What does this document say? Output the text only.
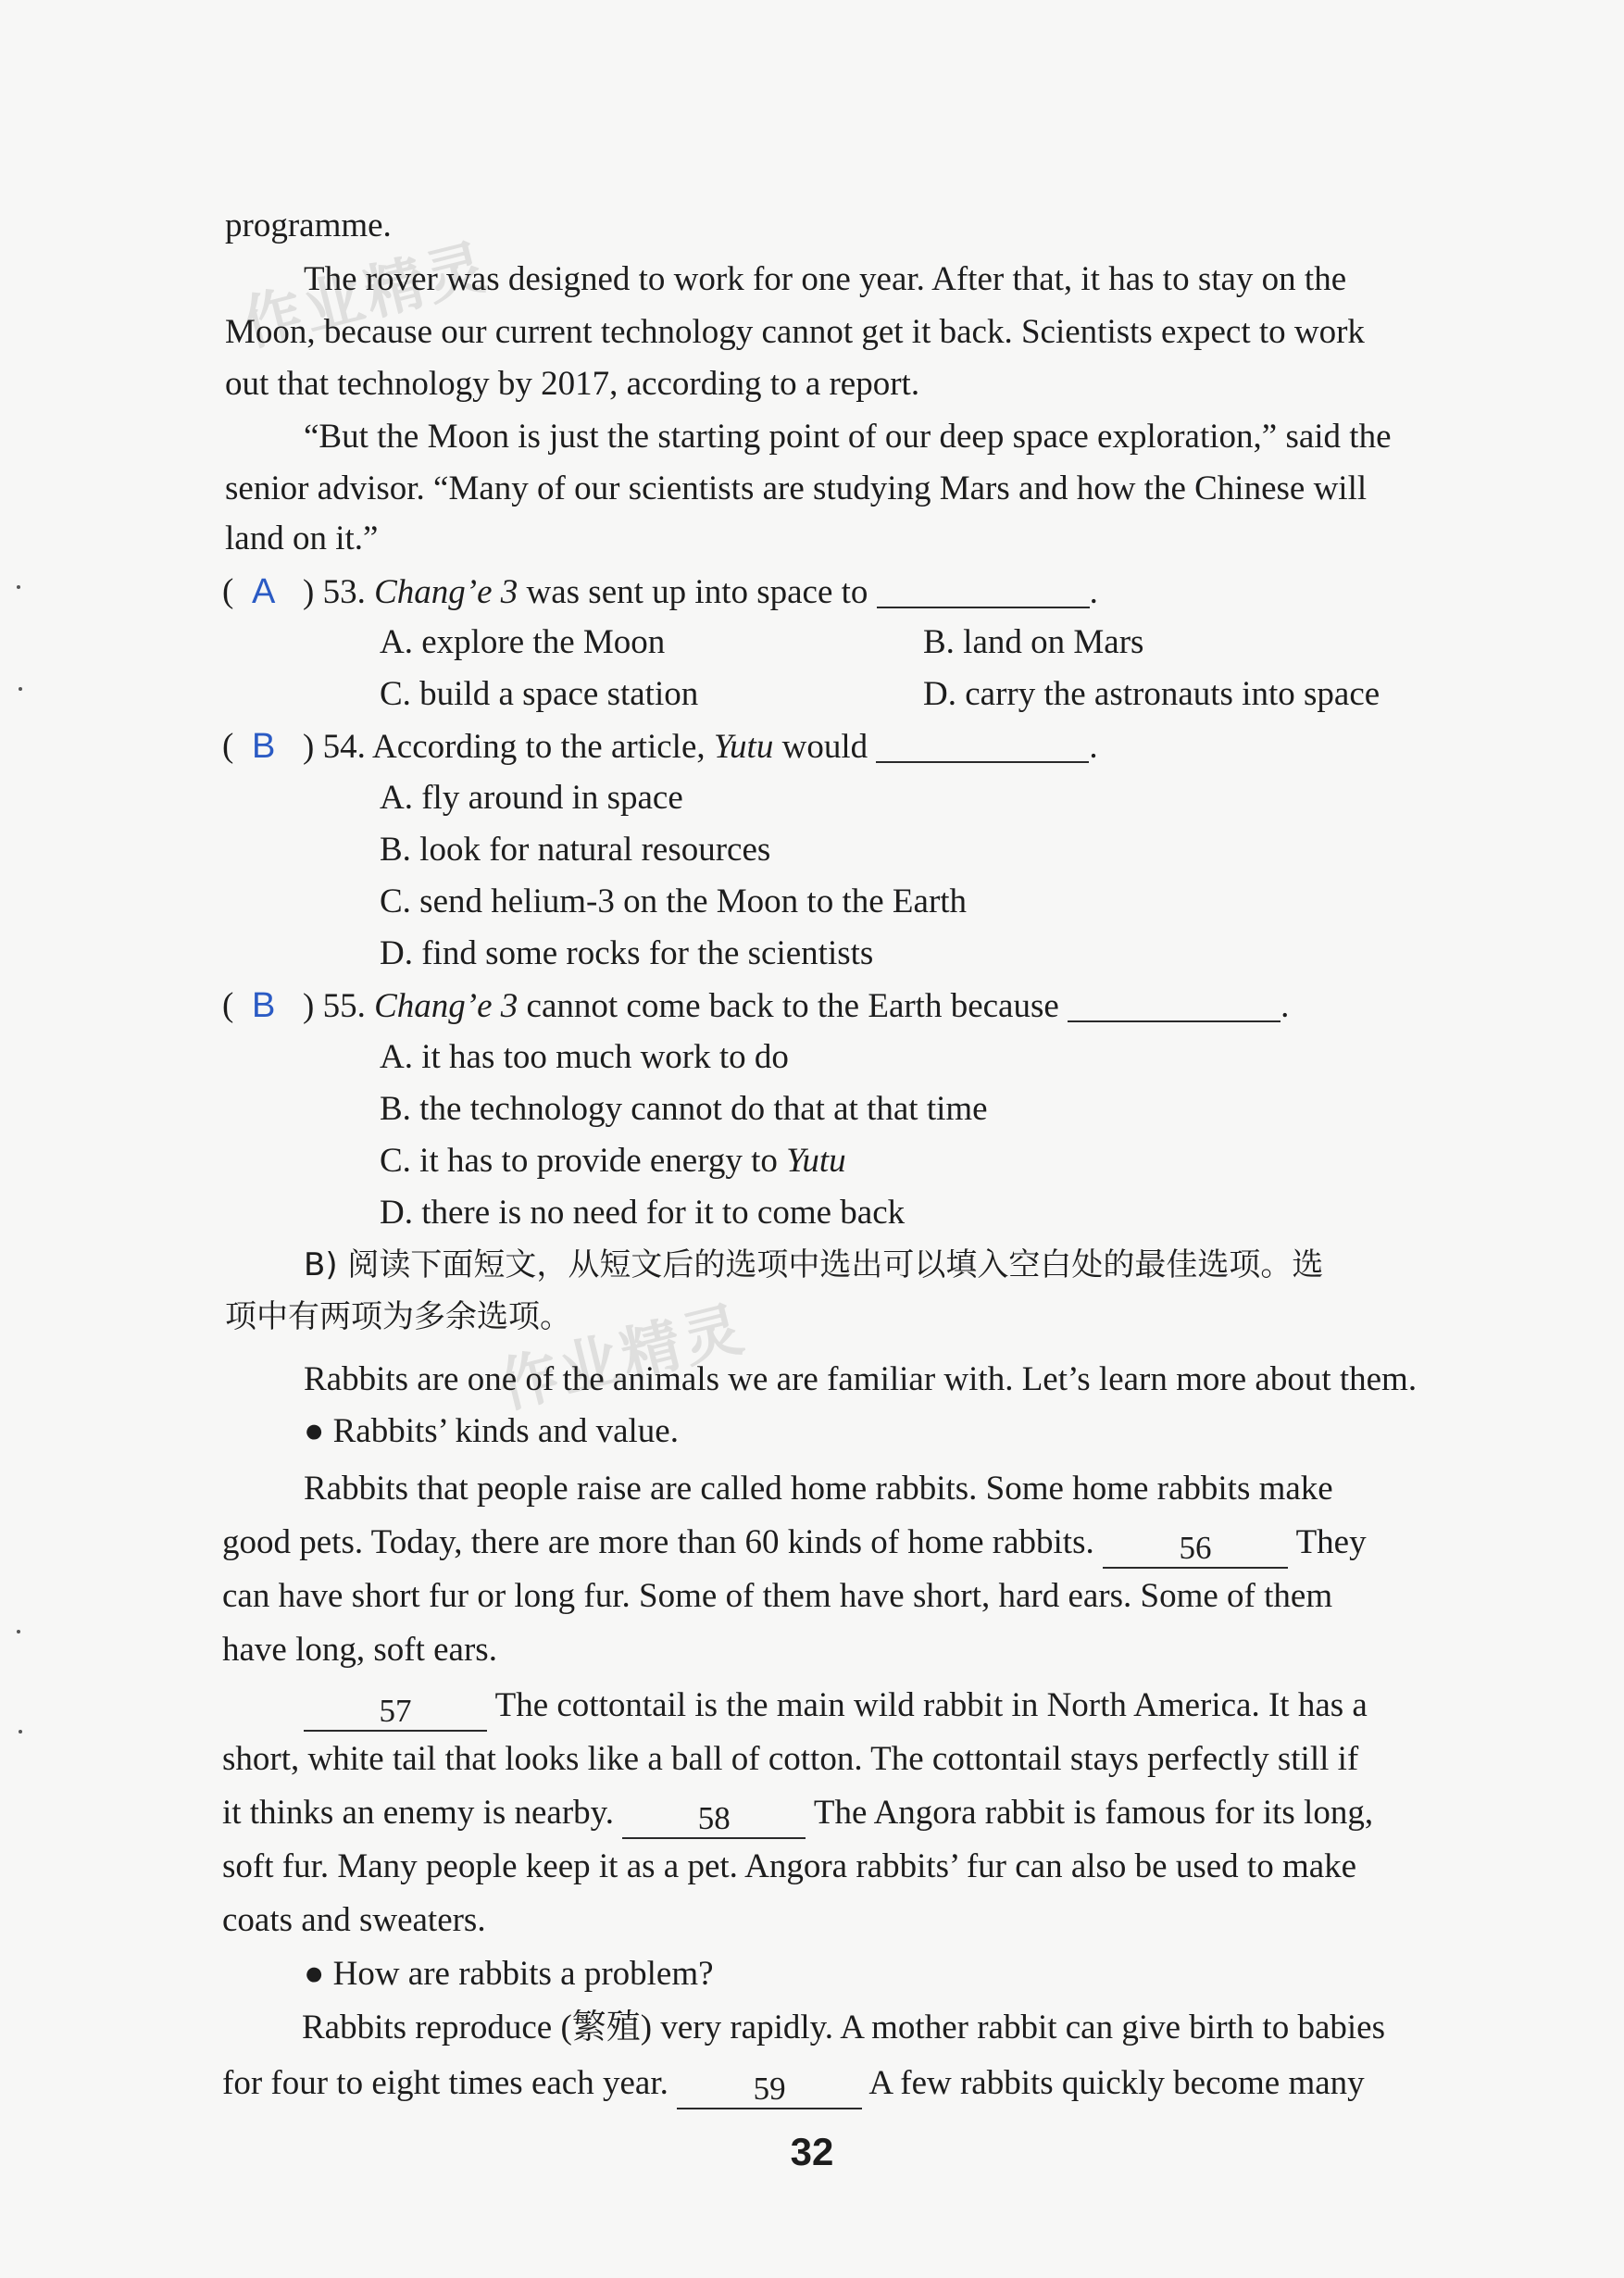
作业精灵
作业精灵
programme.
The rover was designed to work for one year. After that, it has to stay on the
Moon, because our current technology cannot get it back. Scientists expect to work
out that technology by 2017, according to a report.
“But the Moon is just the starting point of our deep space exploration,” said the
senior advisor. “Many of our scientists are studying Mars and how the Chinese will
land on it.”
( A ) 53. Chang’e 3 was sent up into space to	.
A. explore the Moon	B. land on Mars
C. build a space station	D. carry the astronauts into space
( B ) 54. According to the article, Yutu would	.
A. fly around in space
B. look for natural resources
C. send helium-3 on the Moon to the Earth
D. find some rocks for the scientists
( B ) 55. Chang’e 3 cannot come back to the Earth because	.
A. it has too much work to do
B. the technology cannot do that at that time
C. it has to provide energy to Yutu
D. there is no need for it to come back
B) 阅读下面短文，从短文后的选项中选出可以填入空白处的最佳选项。选
项中有两项为多余选项。
Rabbits are one of the animals we are familiar with. Let’s learn more about them.
● Rabbits’ kinds and value.
Rabbits that people raise are called home rabbits. Some home rabbits make
good pets. Today, there are more than 60 kinds of home rabbits.	56 They
can have short fur or long fur. Some of them have short, hard ears. Some of them
have long, soft ears.
57 The cottontail is the main wild rabbit in North America. It has a
short, white tail that looks like a ball of cotton. The cottontail stays perfectly still if
it thinks an enemy is nearby.	58 The Angora rabbit is famous for its long,
soft fur. Many people keep it as a pet. Angora rabbits’ fur can also be used to make
coats and sweaters.
● How are rabbits a problem?
Rabbits reproduce (繁殖) very rapidly. A mother rabbit can give birth to babies
for four to eight times each year.	59 A few rabbits quickly become many
32
